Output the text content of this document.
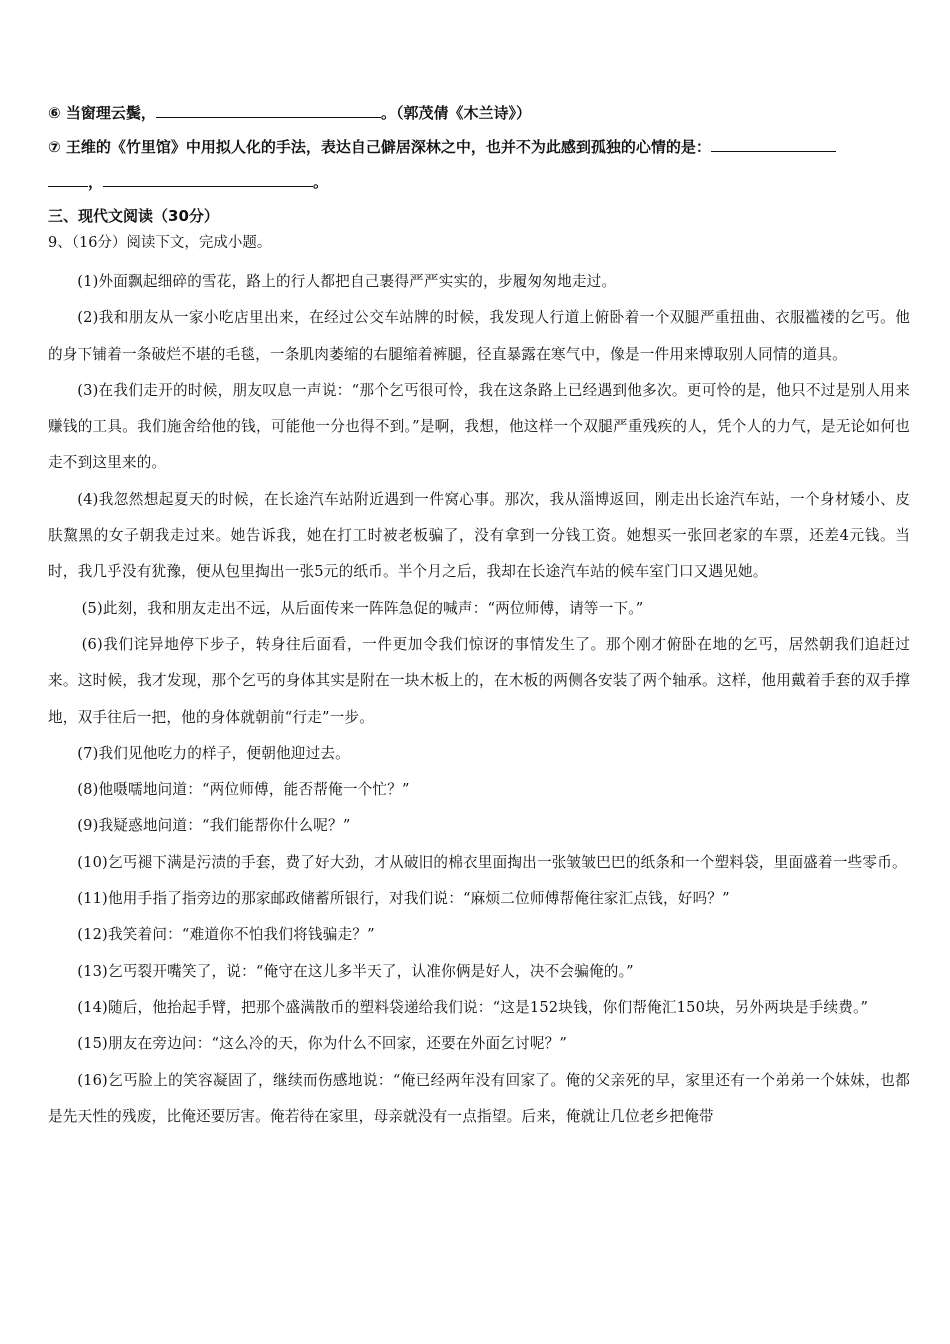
⑥ 当窗理云鬓，	。（郭茂倩《木兰诗》）
⑦ 王维的《竹里馆》中用拟人化的手法，表达自己僻居深林之中，也并不为此感到孤独的心情的是：
，	。
三、现代文阅读（30分）
9、（16分）阅读下文，完成小题。

(1)外面飘起细碎的雪花，路上的行人都把自己裹得严严实实的，步履匆匆地走过。

(2)我和朋友从一家小吃店里出来，在经过公交车站牌的时候，我发现人行道上俯卧着一个双腿严重扭曲、衣服褴褛的乞丐。他的身下铺着一条破烂不堪的毛毯，一条肌肉萎缩的右腿缩着裤腿，径直暴露在寒气中，像是一件用来博取别人同情的道具。

(3)在我们走开的时候，朋友叹息一声说：“那个乞丐很可怜，我在这条路上已经遇到他多次。更可怜的是，他只不过是别人用来赚钱的工具。我们施舍给他的钱，可能他一分也得不到。”是啊，我想，他这样一个双腿严重残疾的人，凭个人的力气，是无论如何也走不到这里来的。

(4)我忽然想起夏天的时候，在长途汽车站附近遇到一件窝心事。那次，我从淄博返回，刚走出长途汽车站，一个身材矮小、皮肤黧黑的女子朝我走过来。她告诉我，她在打工时被老板骗了，没有拿到一分钱工资。她想买一张回老家的车票，还差4元钱。当时，我几乎没有犹豫，便从包里掏出一张5元的纸币。半个月之后，我却在长途汽车站的候车室门口又遇见她。

(5)此刻，我和朋友走出不远，从后面传来一阵阵急促的喊声：“两位师傅，请等一下。”

(6)我们诧异地停下步子，转身往后面看，一件更加令我们惊讶的事情发生了。那个刚才俯卧在地的乞丐，居然朝我们追赶过来。这时候，我才发现，那个乞丐的身体其实是附在一块木板上的，在木板的两侧各安装了两个轴承。这样，他用戴着手套的双手撑地，双手往后一把，他的身体就朝前“行走”一步。

(7)我们见他吃力的样子，便朝他迎过去。

(8)他嗫嚅地问道：“两位师傅，能否帮俺一个忙？”

(9)我疑惑地问道：“我们能帮你什么呢？”

(10)乞丐褪下满是污渍的手套，费了好大劲，才从破旧的棉衣里面掏出一张皱皱巴巴的纸条和一个塑料袋，里面盛着一些零币。

(11)他用手指了指旁边的那家邮政储蓄所银行，对我们说：“麻烦二位师傅帮俺往家汇点钱，好吗？”

(12)我笑着问：“难道你不怕我们将钱骗走？”

(13)乞丐裂开嘴笑了，说：“俺守在这儿多半天了，认准你俩是好人，决不会骗俺的。”

(14)随后，他抬起手臂，把那个盛满散币的塑料袋递给我们说：“这是152块钱，你们帮俺汇150块，另外两块是手续费。”

(15)朋友在旁边问：“这么冷的天，你为什么不回家，还要在外面乞讨呢？”

(16)乞丐脸上的笑容凝固了，继续而伤感地说：“俺已经两年没有回家了。俺的父亲死的早，家里还有一个弟弟一个妹妹，也都是先天性的残废，比俺还要厉害。俺若待在家里，母亲就没有一点指望。后来，俺就让几位老乡把俺带
